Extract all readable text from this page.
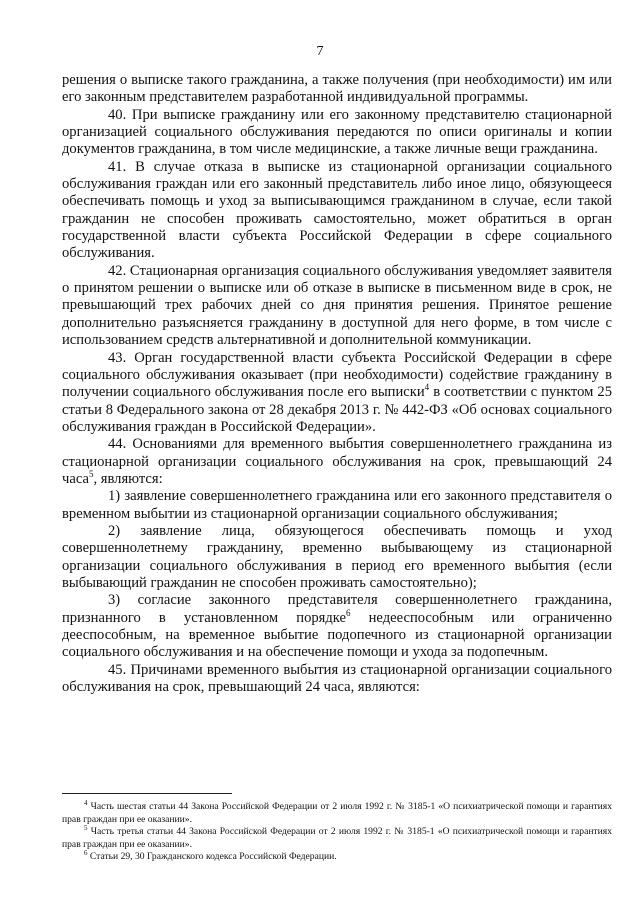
7

решения о выписке такого гражданина, а также получения (при необходимости) им или его законным представителем разработанной индивидуальной программы.

40. При выписке гражданину или его законному представителю стационарной организацией социального обслуживания передаются по описи оригиналы и копии документов гражданина, в том числе медицинские, а также личные вещи гражданина.

41. В случае отказа в выписке из стационарной организации социального обслуживания граждан или его законный представитель либо иное лицо, обязующееся обеспечивать помощь и уход за выписывающимся гражданином в случае, если такой гражданин не способен проживать самостоятельно, может обратиться в орган государственной власти субъекта Российской Федерации в сфере социального обслуживания.

42. Стационарная организация социального обслуживания уведомляет заявителя о принятом решении о выписке или об отказе в выписке в письменном виде в срок, не превышающий трех рабочих дней со дня принятия решения. Принятое решение дополнительно разъясняется гражданину в доступной для него форме, в том числе с использованием средств альтернативной и дополнительной коммуникации.

43. Орган государственной власти субъекта Российской Федерации в сфере социального обслуживания оказывает (при необходимости) содействие гражданину в получении социального обслуживания после его выписки$^4$ в соответствии с пунктом 25 статьи 8 Федерального закона от 28 декабря 2013 г. № 442-ФЗ «Об основах социального обслуживания граждан в Российской Федерации».

44. Основаниями для временного выбытия совершеннолетнего гражданина из стационарной организации социального обслуживания на срок, превышающий 24 часа$^5$, являются:

1) заявление совершеннолетнего гражданина или его законного представителя о временном выбытии из стационарной организации социального обслуживания;

2) заявление лица, обязующегося обеспечивать помощь и уход совершеннолетнему гражданину, временно выбывающему из стационарной организации социального обслуживания в период его временного выбытия (если выбывающий гражданин не способен проживать самостоятельно);

3) согласие законного представителя совершеннолетнего гражданина, признанного в установленном порядке$^6$ недееспособным или ограниченно дееспособным, на временное выбытие подопечного из стационарной организации социального обслуживания и на обеспечение помощи и ухода за подопечным.

45. Причинами временного выбытия из стационарной организации социального обслуживания на срок, превышающий 24 часа, являются:

$^4$ Часть шестая статьи 44 Закона Российской Федерации от 2 июля 1992 г. № 3185-1 «О психиатрической помощи и гарантиях прав граждан при ее оказании».

$^5$ Часть третья статьи 44 Закона Российской Федерации от 2 июля 1992 г. № 3185-1 «О психиатрической помощи и гарантиях прав граждан при ее оказании».

$^6$ Статьи 29, 30 Гражданского кодекса Российской Федерации.
